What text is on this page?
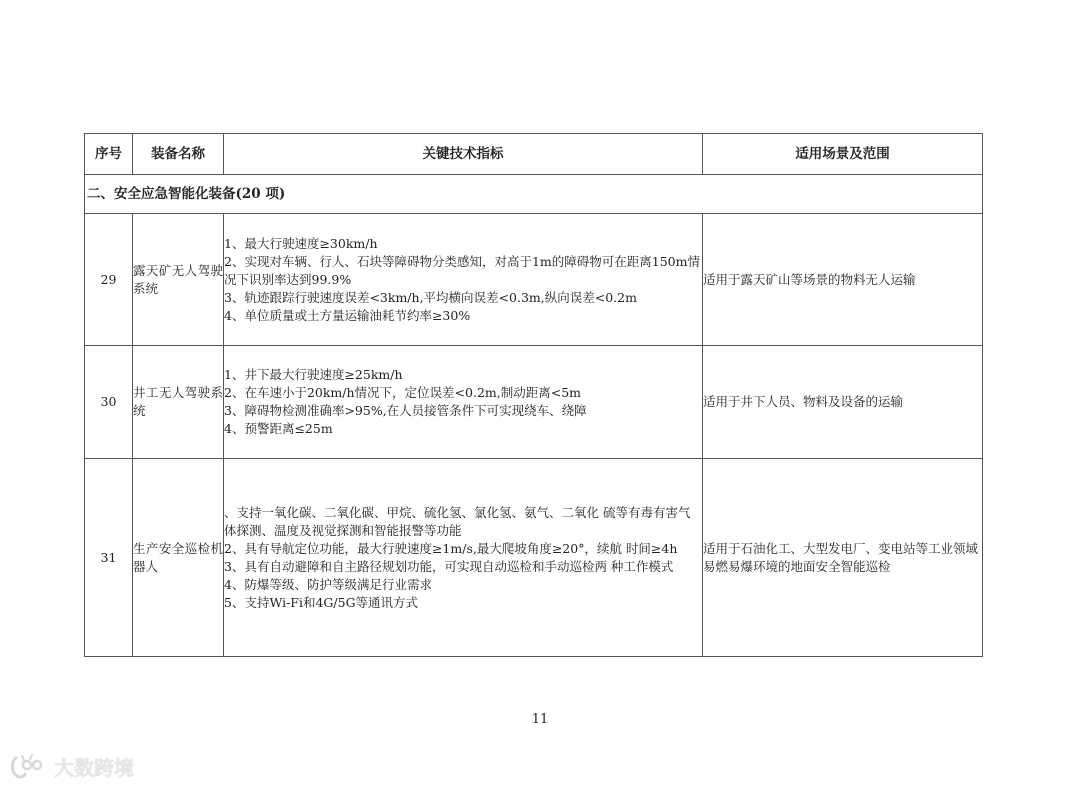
序号	装备名称	关键技术指标	适用场景及范围
二、安全应急智能化装备(20 项)			
29	露天矿无人驾驶系统	1、最大行驶速度≥30km/h
2、实现对车辆、行人、石块等障碍物分类感知，对高于1m的障碍物可在距离150m情况下识别率达到99.9%
3、轨迹跟踪行驶速度误差<3km/h,平均横向误差<0.3m,纵向误差<0.2m
4、单位质量或土方量运输油耗节约率≥30%	适用于露天矿山等场景的物料无人运输
30	井工无人驾驶系统	1、井下最大行驶速度≥25km/h
2、在车速小于20km/h情况下，定位误差<0.2m,制动距离<5m
3、障碍物检测准确率>95%,在人员接管条件下可实现绕车、绕障
4、预警距离≤25m	适用于井下人员、物料及设备的运输
31	生产安全巡检机器人	、支持一氧化碳、二氧化碳、甲烷、硫化氢、氯化氢、氨气、二氧化 硫等有毒有害气体探测、温度及视觉探测和智能报警等功能
2、具有导航定位功能，最大行驶速度≥1m/s,最大爬坡角度≥20°，续航 时间≥4h
3、具有自动避障和自主路径规划功能，可实现自动巡检和手动巡检两 种工作模式
4、防爆等级、防护等级满足行业需求
5、支持Wi-Fi和4G/5G等通讯方式	适用于石油化工、大型发电厂、变电站等工业领域易燃易爆环境的地面安全智能巡检
11
大数跨境
